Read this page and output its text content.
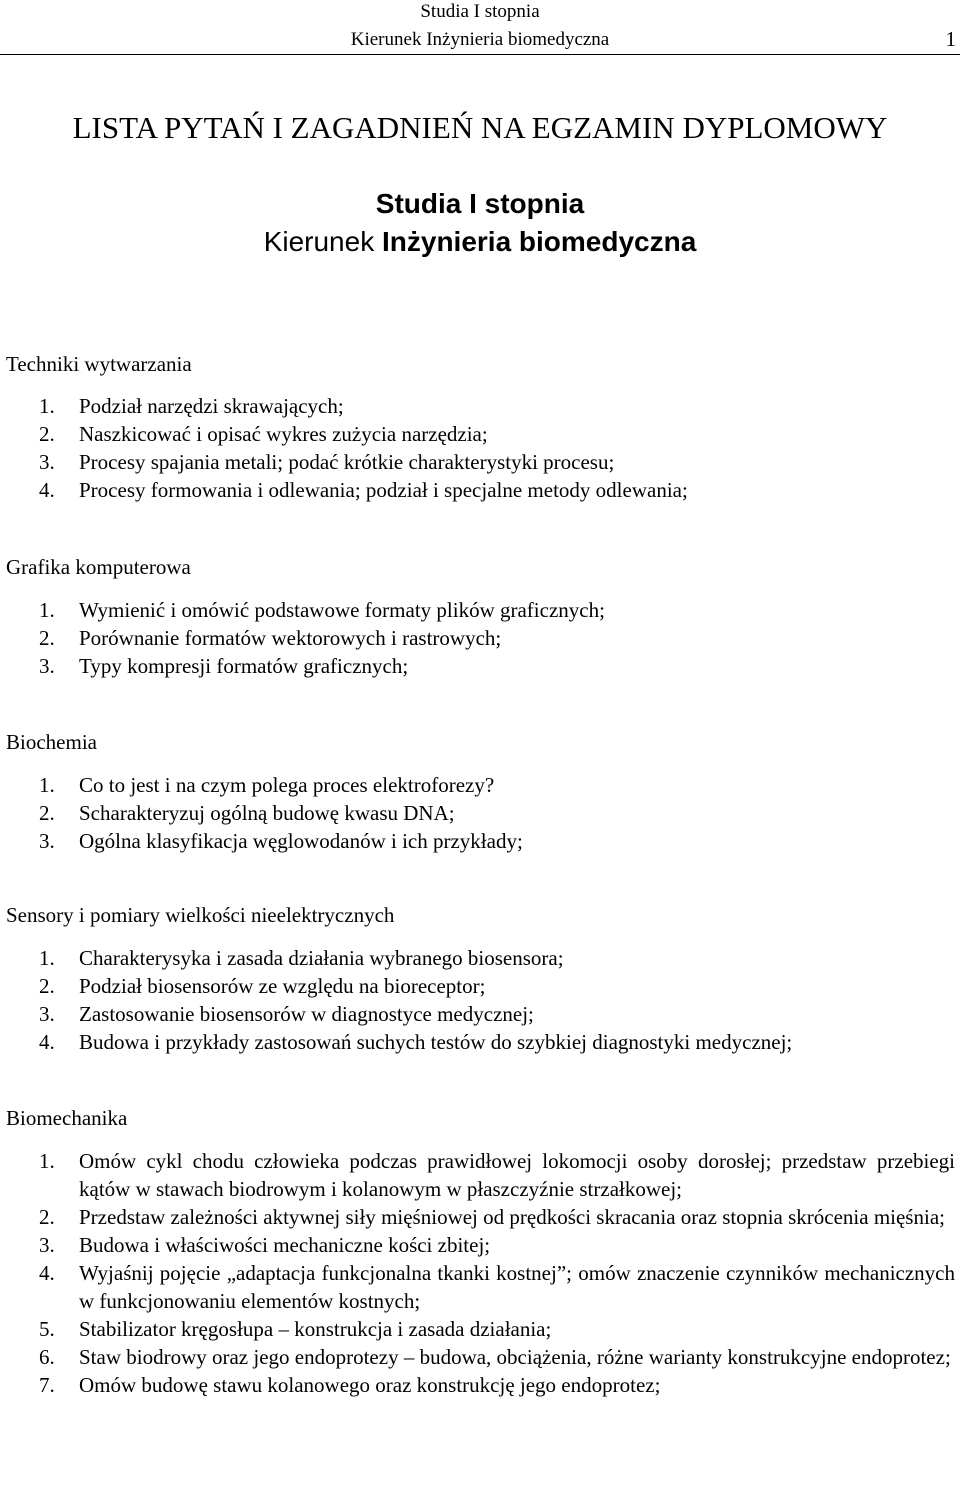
Studia I stopnia
Kierunek Inżynieria biomedyczna	1
LISTA PYTAŃ I ZAGADNIEŃ NA EGZAMIN DYPLOMOWY
Studia I stopnia
Kierunek Inżynieria biomedyczna
Techniki wytwarzania
1. Podział narzędzi skrawających;
2. Naszkicować i opisać wykres zużycia narzędzia;
3. Procesy spajania metali; podać krótkie charakterystyki procesu;
4. Procesy formowania i odlewania; podział i specjalne metody odlewania;
Grafika komputerowa
1. Wymienić i omówić podstawowe formaty plików graficznych;
2. Porównanie formatów wektorowych i rastrowych;
3. Typy kompresji formatów graficznych;
Biochemia
1. Co to jest i na czym polega proces elektroforezy?
2. Scharakteryzuj ogólną budowę kwasu DNA;
3. Ogólna klasyfikacja węglowodanów i ich przykłady;
Sensory i pomiary wielkości nieelektrycznych
1. Charakterysyka i zasada działania wybranego biosensora;
2. Podział biosensorów ze względu na bioreceptor;
3. Zastosowanie biosensorów w diagnostyce medycznej;
4. Budowa i przykłady zastosowań suchych testów do szybkiej diagnostyki medycznej;
Biomechanika
1. Omów cykl chodu człowieka podczas prawidłowej lokomocji osoby dorosłej; przedstaw przebiegi kątów w stawach biodrowym i kolanowym w płaszczyźnie strzałkowej;
2. Przedstaw zależności aktywnej siły mięśniowej od prędkości skracania oraz stopnia skrócenia mięśnia;
3. Budowa i właściwości mechaniczne kości zbitej;
4. Wyjaśnij pojęcie „adaptacja funkcjonalna tkanki kostnej”; omów znaczenie czynników mechanicznych w funkcjonowaniu elementów kostnych;
5. Stabilizator kręgosłupa – konstrukcja i zasada działania;
6. Staw biodrowy oraz jego endoprotezy – budowa, obciążenia, różne warianty konstrukcyjne endoprotez;
7. Omów budowę stawu kolanowego oraz konstrukcję jego endoprotez;
